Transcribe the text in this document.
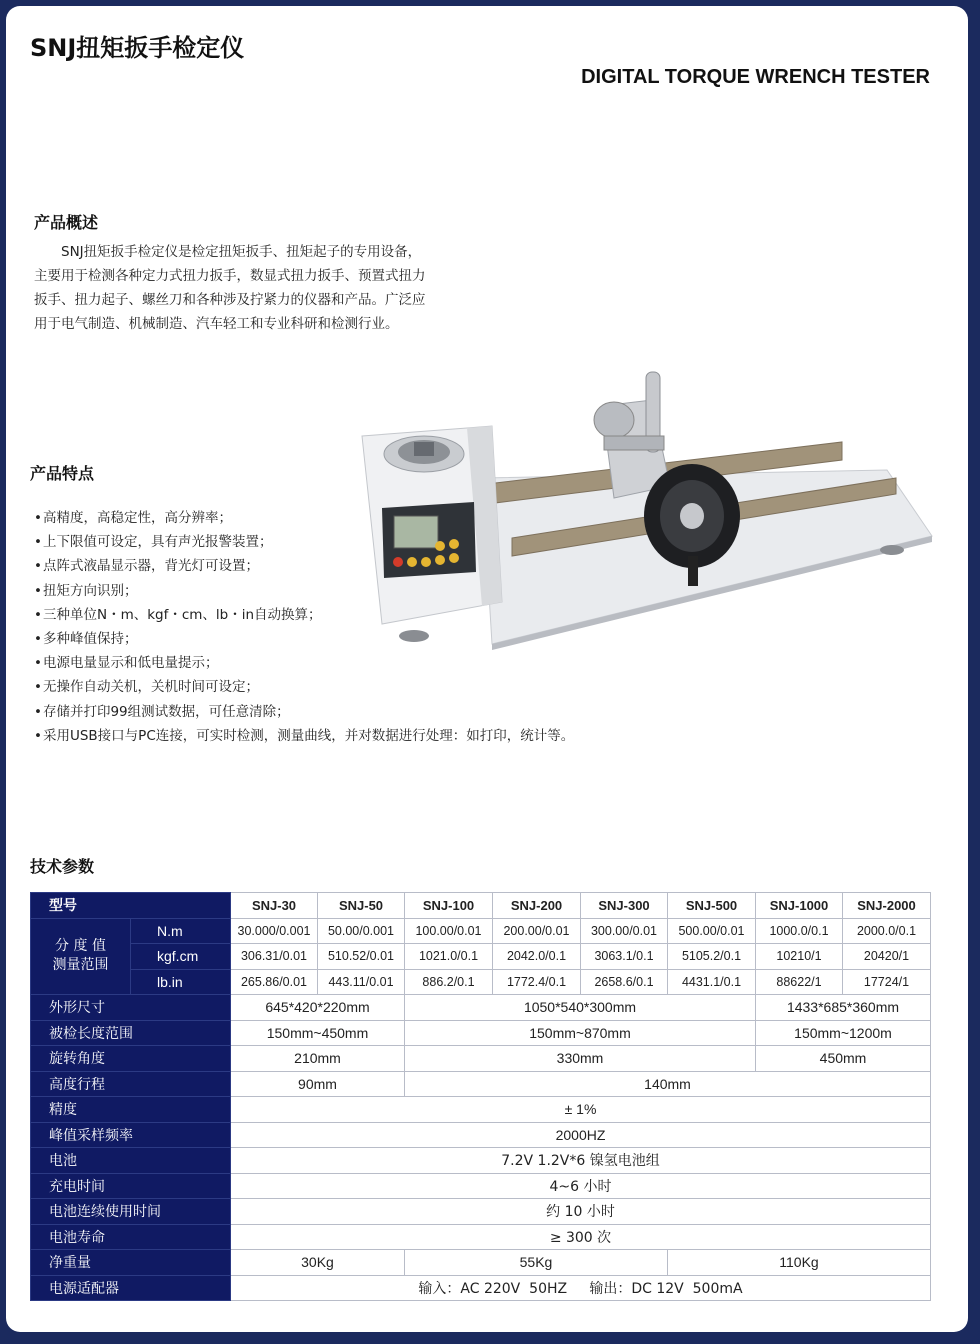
SNJ扭矩扳手检定仪
DIGITAL TORQUE WRENCH TESTER
产品概述
SNJ扭矩扳手检定仪是检定扭矩扳手、扭矩起子的专用设备，主要用于检测各种定力式扭力扳手，数显式扭力扳手、预置式扭力扳手、扭力起子、螺丝刀和各种涉及拧紧力的仪器和产品。广泛应用于电气制造、机械制造、汽车轻工和专业科研和检测行业。
产品特点
• 高精度，高稳定性，高分辨率；
• 上下限值可设定，具有声光报警装置；
• 点阵式液晶显示器，背光灯可设置；
• 扭矩方向识别；
• 三种单位N・m、kgf・cm、lb・in自动换算；
• 多种峰值保持；
• 电源电量显示和低电量提示；
• 无操作自动关机，关机时间可设定；
• 存储并打印99组测试数据，可任意清除；
• 采用USB接口与PC连接，可实时检测，测量曲线，并对数据进行处理：如打印，统计等。
技术参数
型号		SNJ-30	SNJ-50	SNJ-100	SNJ-200	SNJ-300	SNJ-500	SNJ-1000	SNJ-2000

分 度 值
测量范围	N.m	30.000/0.001	50.00/0.001	100.00/0.01	200.00/0.01	300.00/0.01	500.00/0.01	1000.0/0.1	2000.0/0.1
	kgf.cm	306.31/0.01	510.52/0.01	1021.0/0.1	2042.0/0.1	3063.1/0.1	5105.2/0.1	10210/1	20420/1
	lb.in	265.86/0.01	443.11/0.01	886.2/0.1	1772.4/0.1	2658.6/0.1	4431.1/0.1	88622/1	17724/1
外形尺寸		645*420*220mm		1050*540*300mm				1433*685*360mm	
被检长度范围		150mm~450mm		150mm~870mm				150mm~1200m	
旋转角度		210mm		330mm				450mm	
高度行程		90mm		140mm					
精度		± 1%							
峰值采样频率		2000HZ							
电池		7.2V 1.2V*6 镍氢电池组							
充电时间		4~6 小时							
电池连续使用时间		约 10 小时							
电池寿命		≥ 300 次							
净重量		30Kg		55Kg			110Kg		
电源适配器		输入：AC 220V  50HZ     输出：DC 12V  500mA							
